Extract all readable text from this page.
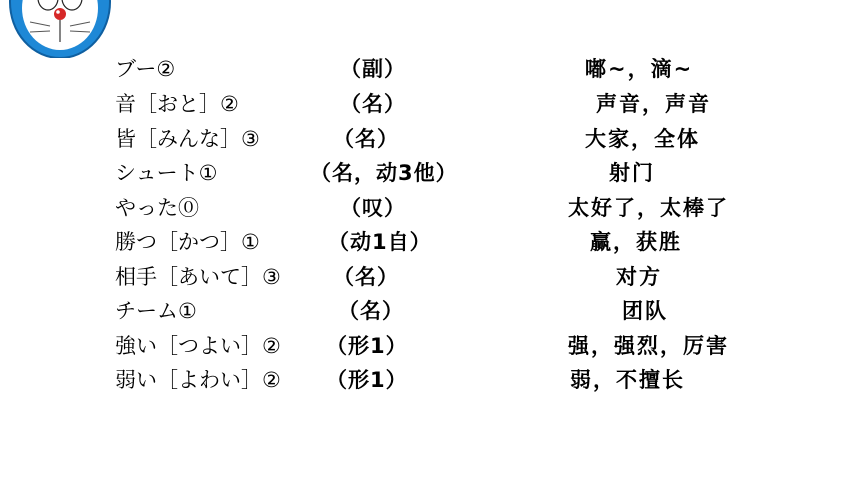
ブー②	（副）	嘟~，滴~
音［おと］②	（名）	声音，声音
皆［みんな］③	（名）	大家，全体
シュート①	（名，动3他）	射门
やった⓪	（叹）	太好了，太棒了
勝つ［かつ］①	（动1自）	赢，获胜
相手［あいて］③ （名）	对方
チーム①	（名）	团队
強い［つよい］② （形1）	强，强烈，厉害
弱い［よわい］② （形1）	弱，不擅长
